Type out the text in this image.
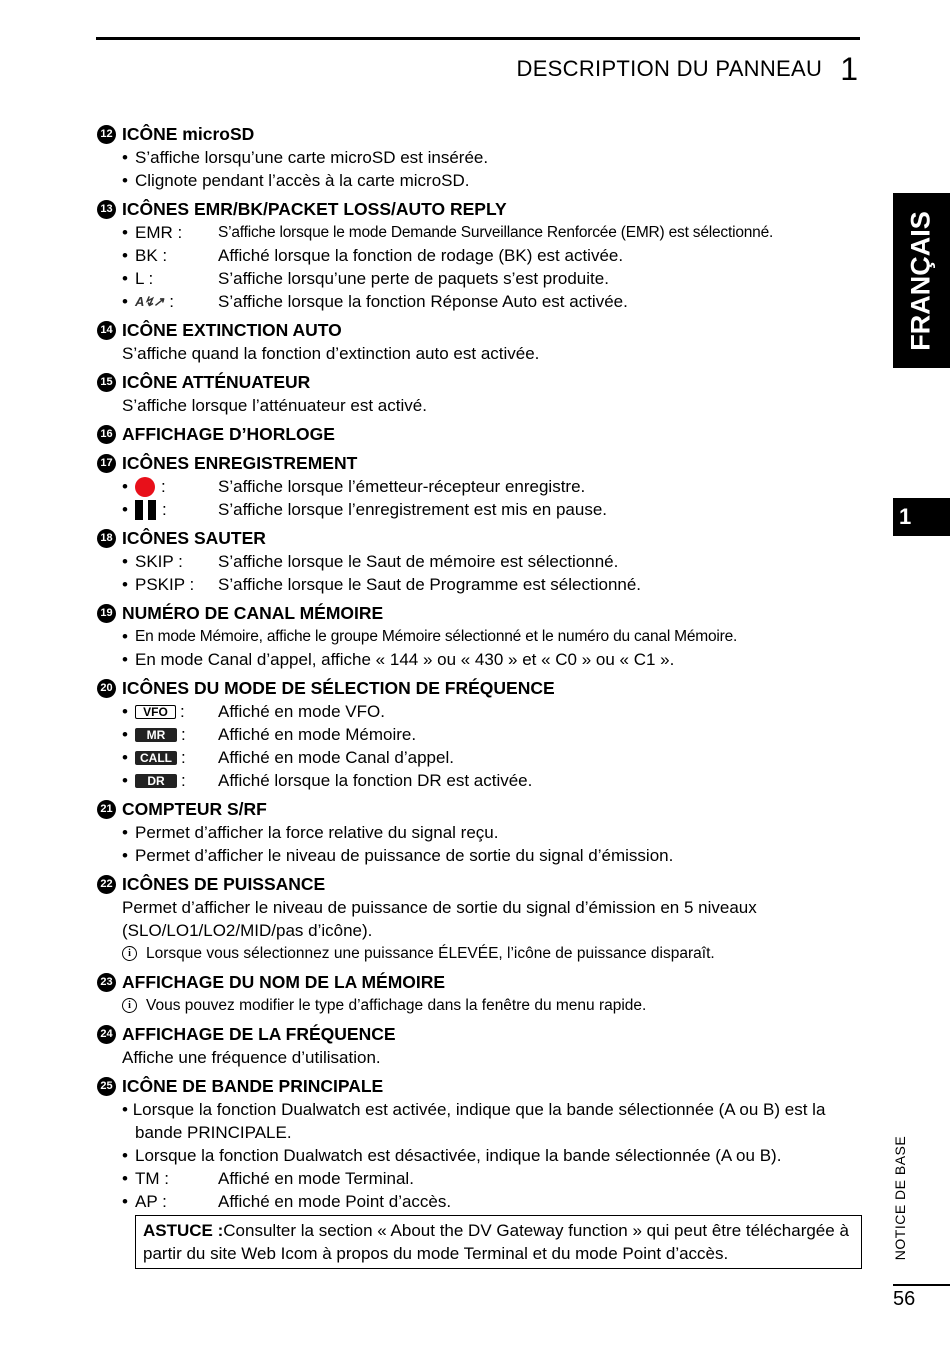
DESCRIPTION DU PANNEAU 1
FRANÇAIS
1
NOTICE DE BASE
56
12 ICÔNE microSD
• S’affiche lorsqu’une carte microSD est insérée.
• Clignote pendant l’accès à la carte microSD.
13 ICÔNES EMR/BK/PACKET LOSS/AUTO REPLY
• EMR :	S’affiche lorsque le mode Demande Surveillance Renforcée (EMR) est sélectionné.
• BK :	Affiché lorsque la fonction de rodage (BK) est activée.
• L :	S’affiche lorsqu’une perte de paquets s’est produite.
• A↯↗ :	S’affiche lorsque la fonction Réponse Auto est activée.
14 ICÔNE EXTINCTION AUTO
S’affiche quand la fonction d’extinction auto est activée.
15 ICÔNE ATTÉNUATEUR
S’affiche lorsque l’atténuateur est activé.
16 AFFICHAGE D’HORLOGE
17 ICÔNES ENREGISTREMENT
•	:	S’affiche lorsque l’émetteur-récepteur enregistre.
•	:	S’affiche lorsque l’enregistrement est mis en pause.
18 ICÔNES SAUTER
• SKIP :	S’affiche lorsque le Saut de mémoire est sélectionné.
• PSKIP :	S’affiche lorsque le Saut de Programme est sélectionné.
19 NUMÉRO DE CANAL MÉMOIRE
• En mode Mémoire, affiche le groupe Mémoire sélectionné et le numéro du canal Mémoire.
• En mode Canal d’appel, affiche « 144 » ou « 430 » et « C0 » ou « C1 ».
20 ICÔNES DU MODE DE SÉLECTION DE FRÉQUENCE
•	VFO : Affiché en mode VFO.
•	MR : Affiché en mode Mémoire.
•	CALL : Affiché en mode Canal d’appel.
•	DR : Affiché lorsque la fonction DR est activée.
21 COMPTEUR S/RF
• Permet d’afficher la force relative du signal reçu.
• Permet d’afficher le niveau de puissance de sortie du signal d’émission.
22 ICÔNES DE PUISSANCE
Permet d’afficher le niveau de puissance de sortie du signal d’émission en 5 niveaux
(SLO/LO1/LO2/MID/pas d’icône).
i Lorsque vous sélectionnez une puissance ÉLEVÉE, l’icône de puissance disparaît.
23 AFFICHAGE DU NOM DE LA MÉMOIRE
i Vous pouvez modifier le type d’affichage dans la fenêtre du menu rapide.
24 AFFICHAGE DE LA FRÉQUENCE
Affiche une fréquence d’utilisation.
25 ICÔNE DE BANDE PRINCIPALE
• Lorsque la fonction Dualwatch est activée, indique que la bande sélectionnée (A ou B) est la bande PRINCIPALE.
• Lorsque la fonction Dualwatch est désactivée, indique la bande sélectionnée (A ou B).
• TM :	Affiché en mode Terminal.
• AP :	Affiché en mode Point d’accès.
ASTUCE :Consulter la section « About the DV Gateway function » qui peut être téléchargée à partir du site Web Icom à propos du mode Terminal et du mode Point d’accès.
